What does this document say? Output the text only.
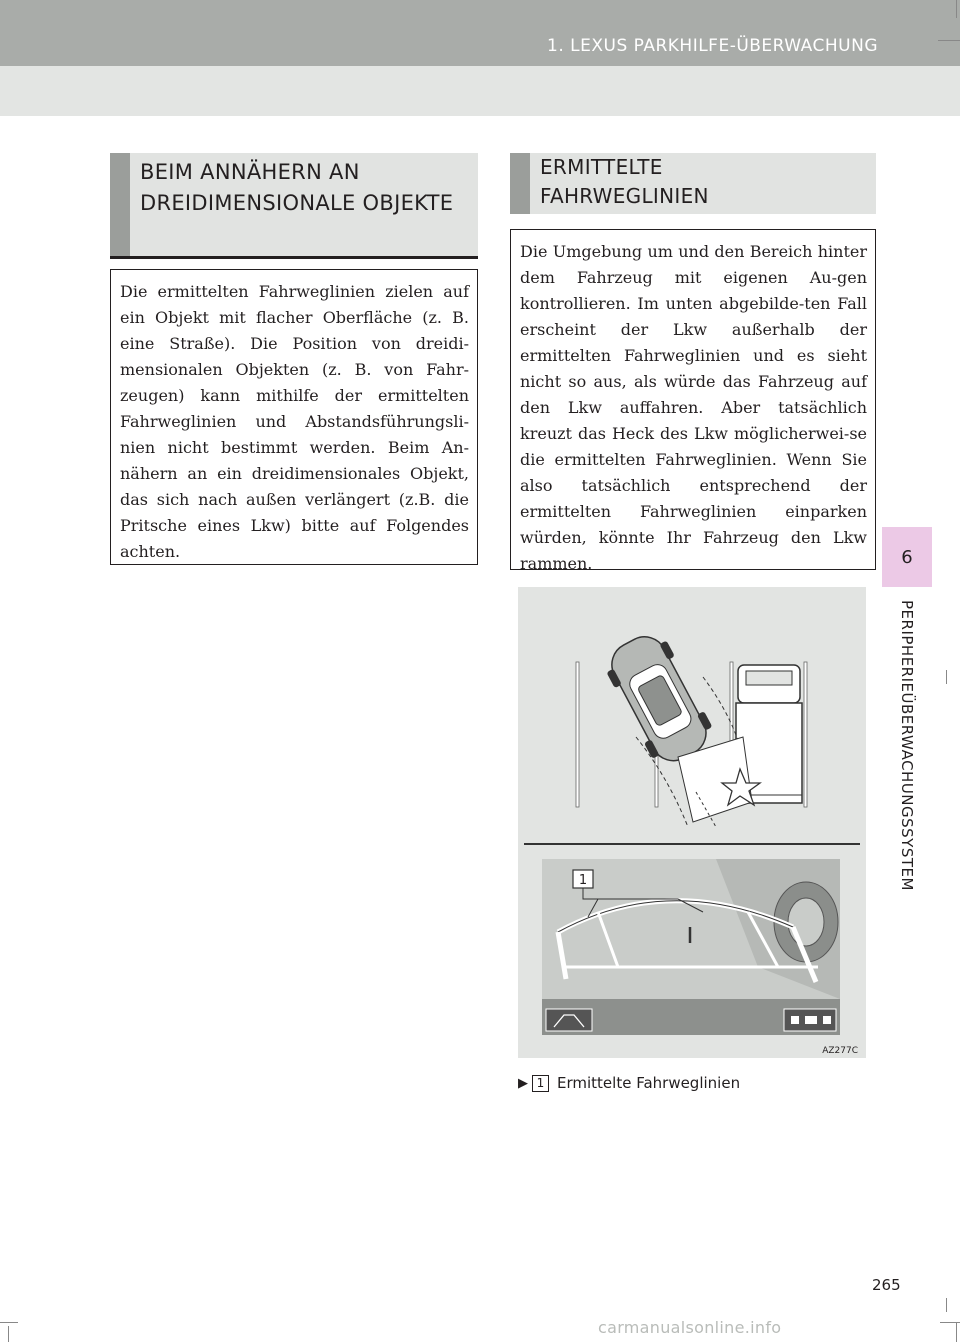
1. LEXUS PARKHILFE-ÜBERWACHUNG
6
PERIPHERIEÜBERWACHUNGSSYSTEM
BEIM ANNÄHERN AN DREIDIMENSIONALE OBJEKTE
Die ermittelten Fahrweglinien zielen auf ein Objekt mit flacher Oberfläche (z. B. eine Straße). Die Position von dreidi-mensionalen Objekten (z. B. von Fahr-zeugen) kann mithilfe der ermittelten Fahrweglinien und Abstandsführungsli-nien nicht bestimmt werden. Beim An-nähern an ein dreidimensionales Objekt, das sich nach außen verlängert (z.B. die Pritsche eines Lkw) bitte auf Folgendes achten.
ERMITTELTE FAHRWEGLINIEN
Die Umgebung um und den Bereich hinter dem Fahrzeug mit eigenen Au-gen kontrollieren. Im unten abgebilde-ten Fall erscheint der Lkw außerhalb der ermittelten Fahrweglinien und es sieht nicht so aus, als würde das Fahrzeug auf den Lkw auffahren. Aber tatsächlich kreuzt das Heck des Lkw möglicherwei-se die ermittelten Fahrweglinien. Wenn Sie also tatsächlich entsprechend der ermittelten Fahrweglinien einparken würden, könnte Ihr Fahrzeug den Lkw rammen.
1
AZ277C
▶ 1 Ermittelte Fahrweglinien
265
carmanualsonline.info
